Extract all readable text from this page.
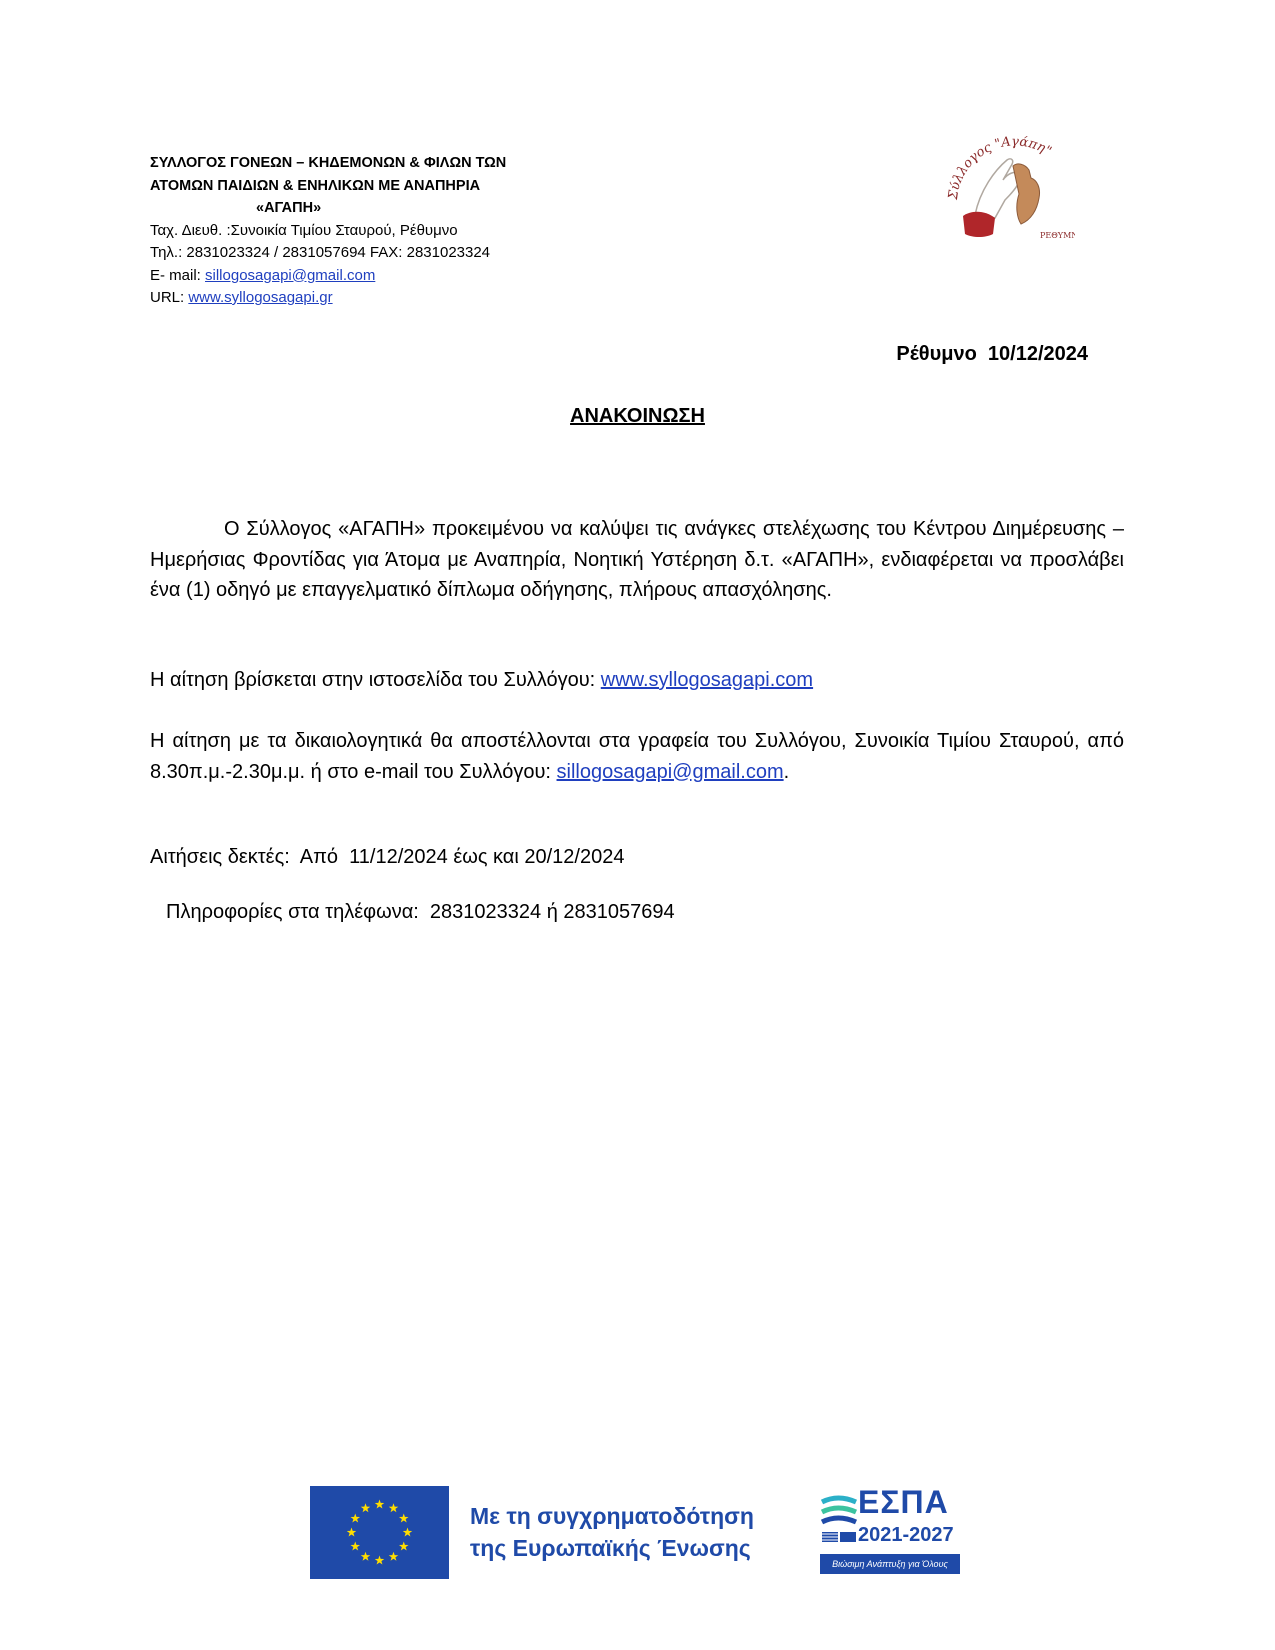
ΣΥΛΛΟΓΟΣ ΓΟΝΕΩΝ – ΚΗΔΕΜΟΝΩΝ & ΦΙΛΩΝ ΤΩΝ
ΑΤΟΜΩΝ ΠΑΙΔΙΩΝ & ΕΝΗΛΙΚΩΝ ΜΕ ΑΝΑΠΗΡΙΑ
«ΑΓΑΠΗ»
Ταχ. Διευθ. :Συνοικία Τιμίου Σταυρού, Ρέθυμνο
Τηλ.: 2831023324 / 2831057694 FAX: 2831023324
E- mail: sillogosagapi@gmail.com
URL: www.syllogosagapi.gr
Σύλλογος "Αγάπη"
ΡΕΘΥΜΝ
Ρέθυμνο  10/12/2024
ΑΝΑΚΟΙΝΩΣΗ
Ο Σύλλογος «ΑΓΑΠΗ» προκειμένου να καλύψει τις ανάγκες στελέχωσης του Κέντρου Διημέρευσης – Ημερήσιας Φροντίδας για Άτομα με Αναπηρία, Νοητική Υστέρηση δ.τ. «ΑΓΑΠΗ», ενδιαφέρεται να προσλάβει ένα (1) οδηγό με επαγγελματικό δίπλωμα οδήγησης, πλήρους απασχόλησης.
Η αίτηση βρίσκεται στην ιστοσελίδα του Συλλόγου: www.syllogosagapi.com
Η αίτηση με τα δικαιολογητικά θα αποστέλλονται στα γραφεία του Συλλόγου, Συνοικία Τιμίου Σταυρού, από 8.30π.μ.-2.30μ.μ. ή στο e-mail του Συλλόγου: sillogosagapi@gmail.com.
Αιτήσεις δεκτές:  Από  11/12/2024 έως και 20/12/2024
Πληροφορίες στα τηλέφωνα:  2831023324 ή 2831057694
Με τη συγχρηματοδότηση
της Ευρωπαϊκής Ένωσης
ΕΣΠΑ
2021-2027
Βιώσιμη Ανάπτυξη για Όλους
